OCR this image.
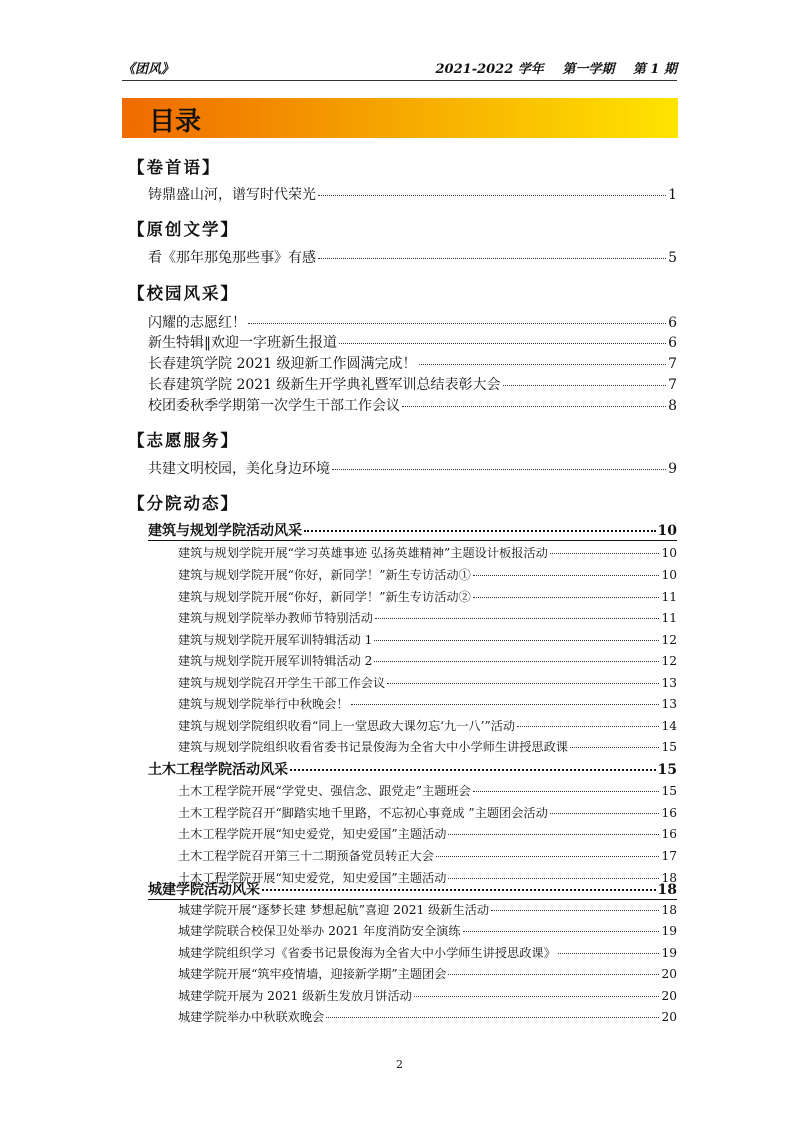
《团风》	2021-2022 学年 第一学期 第 1 期
目录
【卷首语】
铸鼎盛山河，谱写时代荣光	1
【原创文学】
看《那年那兔那些事》有感	5
【校园风采】
闪耀的志愿红！	6
新生特辑‖欢迎一字班新生报道	6
长春建筑学院 2021 级迎新工作圆满完成！	7
长春建筑学院 2021 级新生开学典礼暨军训总结表彰大会	7
校团委秋季学期第一次学生干部工作会议	8
【志愿服务】
共建文明校园，美化身边环境	9
【分院动态】
建筑与规划学院活动风采	10
建筑与规划学院开展“学习英雄事迹 弘扬英雄精神”主题设计板报活动	10
建筑与规划学院开展“你好，新同学！”新生专访活动①	10
建筑与规划学院开展“你好，新同学！”新生专访活动②	11
建筑与规划学院举办教师节特别活动	11
建筑与规划学院开展军训特辑活动 1	12
建筑与规划学院开展军训特辑活动 2	12
建筑与规划学院召开学生干部工作会议	13
建筑与规划学院举行中秋晚会！	13
建筑与规划学院组织收看“同上一堂思政大课勿忘‘九一八’”活动	14
建筑与规划学院组织收看省委书记景俊海为全省大中小学师生讲授思政课	15
土木工程学院活动风采	15
土木工程学院开展“学党史、强信念、跟党走”主题班会	15
土木工程学院召开“脚踏实地千里路，不忘初心事竟成 ”主题团会活动	16
土木工程学院开展“知史爱党，知史爱国”主题活动	16
土木工程学院召开第三十二期预备党员转正大会	17
土木工程学院开展“知史爱党，知史爱国”主题活动	18
城建学院活动风采	18
城建学院开展“逐梦长建 梦想起航”喜迎 2021 级新生活动	18
城建学院联合校保卫处举办 2021 年度消防安全演练	19
城建学院组织学习《省委书记景俊海为全省大中小学师生讲授思政课》	19
城建学院开展“筑牢疫情墙，迎接新学期”主题团会	20
城建学院开展为 2021 级新生发放月饼活动	20
城建学院举办中秋联欢晚会	20
2
